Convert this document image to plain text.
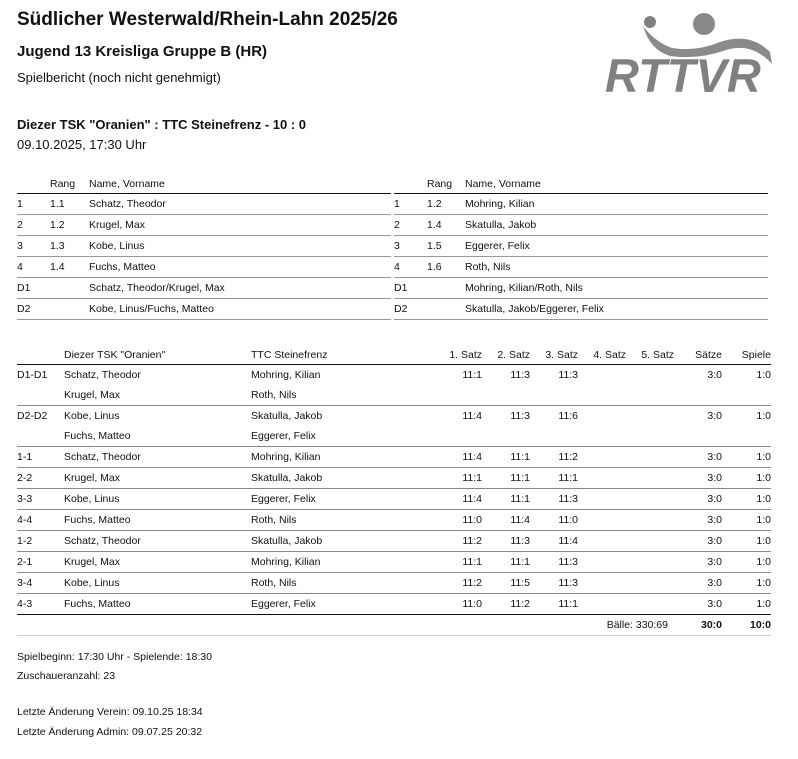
Südlicher Westerwald/Rhein-Lahn 2025/26
Jugend 13 Kreisliga Gruppe B (HR)
Spielbericht (noch nicht genehmigt)	RTTVR
Diezer TSK "Oranien" : TTC Steinefrenz - 10 : 0
09.10.2025, 17:30 Uhr
	Rang	Name, Vorname
1	1.1	Schatz, Theodor
2	1.2	Krugel, Max
3	1.3	Kobe, Linus
4	1.4	Fuchs, Matteo
D1		Schatz, Theodor/Krugel, Max
D2		Kobe, Linus/Fuchs, Matteo
	Rang	Name, Vorname
1	1.2	Mohring, Kilian
2	1.4	Skatulla, Jakob
3	1.5	Eggerer, Felix
4	1.6	Roth, Nils
D1		Mohring, Kilian/Roth, Nils
D2		Skatulla, Jakob/Eggerer, Felix
	Diezer TSK "Oranien"	TTC Steinefrenz	1. Satz	2. Satz	3. Satz	4. Satz	5. Satz	Sätze	Spiele
D1-D1	Schatz, Theodor	Mohring, Kilian	11:1	11:3	11:3			3:0	1:0
	Krugel, Max	Roth, Nils							
D2-D2	Kobe, Linus	Skatulla, Jakob	11:4	11:3	11:6			3:0	1:0
	Fuchs, Matteo	Eggerer, Felix							
1-1	Schatz, Theodor	Mohring, Kilian	11:4	11:1	11:2			3:0	1:0
2-2	Krugel, Max	Skatulla, Jakob	11:1	11:1	11:1			3:0	1:0
3-3	Kobe, Linus	Eggerer, Felix	11:4	11:1	11:3			3:0	1:0
4-4	Fuchs, Matteo	Roth, Nils	11:0	11:4	11:0			3:0	1:0
1-2	Schatz, Theodor	Skatulla, Jakob	11:2	11:3	11:4			3:0	1:0
2-1	Krugel, Max	Mohring, Kilian	11:1	11:1	11:3			3:0	1:0
3-4	Kobe, Linus	Roth, Nils	11:2	11:5	11:3			3:0	1:0
4-3	Fuchs, Matteo	Eggerer, Felix	11:0	11:2	11:1			3:0	1:0
			Bälle: 330:69					30:0	10:0
Spielbeginn: 17:30 Uhr - Spielende: 18:30
Zuschaueranzahl: 23
Letzte Änderung Verein: 09.10.25 18:34
Letzte Änderung Admin: 09.07.25 20:32
